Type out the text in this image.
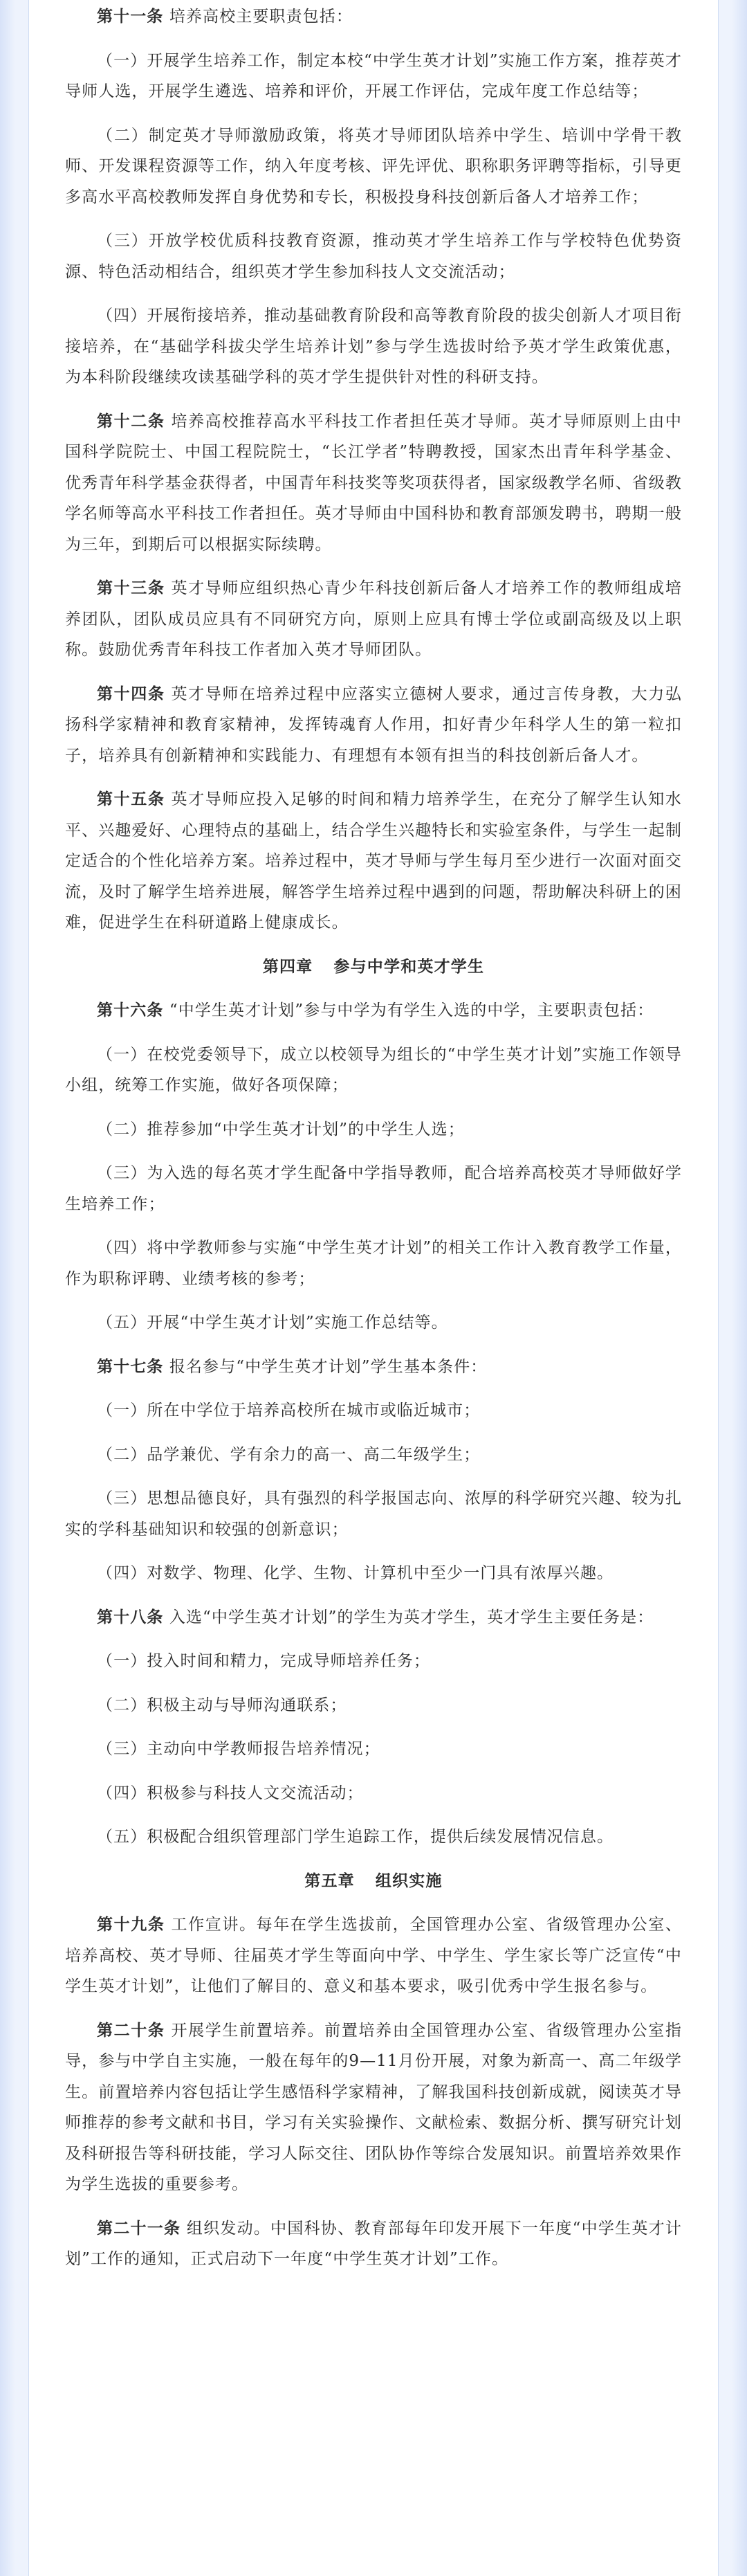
第十一条 培养高校主要职责包括：
（一）开展学生培养工作，制定本校“中学生英才计划”实施工作方案，推荐英才导师人选，开展学生遴选、培养和评价，开展工作评估，完成年度工作总结等；
（二）制定英才导师激励政策，将英才导师团队培养中学生、培训中学骨干教师、开发课程资源等工作，纳入年度考核、评先评优、职称职务评聘等指标，引导更多高水平高校教师发挥自身优势和专长，积极投身科技创新后备人才培养工作；
（三）开放学校优质科技教育资源，推动英才学生培养工作与学校特色优势资源、特色活动相结合，组织英才学生参加科技人文交流活动；
（四）开展衔接培养，推动基础教育阶段和高等教育阶段的拔尖创新人才项目衔接培养，在“基础学科拔尖学生培养计划”参与学生选拔时给予英才学生政策优惠，为本科阶段继续攻读基础学科的英才学生提供针对性的科研支持。
第十二条 培养高校推荐高水平科技工作者担任英才导师。英才导师原则上由中国科学院院士、中国工程院院士，“长江学者”特聘教授，国家杰出青年科学基金、优秀青年科学基金获得者，中国青年科技奖等奖项获得者，国家级教学名师、省级教学名师等高水平科技工作者担任。英才导师由中国科协和教育部颁发聘书，聘期一般为三年，到期后可以根据实际续聘。
第十三条 英才导师应组织热心青少年科技创新后备人才培养工作的教师组成培养团队，团队成员应具有不同研究方向，原则上应具有博士学位或副高级及以上职称。鼓励优秀青年科技工作者加入英才导师团队。
第十四条 英才导师在培养过程中应落实立德树人要求，通过言传身教，大力弘扬科学家精神和教育家精神，发挥铸魂育人作用，扣好青少年科学人生的第一粒扣子，培养具有创新精神和实践能力、有理想有本领有担当的科技创新后备人才。
第十五条 英才导师应投入足够的时间和精力培养学生，在充分了解学生认知水平、兴趣爱好、心理特点的基础上，结合学生兴趣特长和实验室条件，与学生一起制定适合的个性化培养方案。培养过程中，英才导师与学生每月至少进行一次面对面交流，及时了解学生培养进展，解答学生培养过程中遇到的问题，帮助解决科研上的困难，促进学生在科研道路上健康成长。
第四章 参与中学和英才学生
第十六条 “中学生英才计划”参与中学为有学生入选的中学，主要职责包括：
（一）在校党委领导下，成立以校领导为组长的“中学生英才计划”实施工作领导小组，统筹工作实施，做好各项保障；
（二）推荐参加“中学生英才计划”的中学生人选；
（三）为入选的每名英才学生配备中学指导教师，配合培养高校英才导师做好学生培养工作；
（四）将中学教师参与实施“中学生英才计划”的相关工作计入教育教学工作量，作为职称评聘、业绩考核的参考；
（五）开展“中学生英才计划”实施工作总结等。
第十七条 报名参与“中学生英才计划”学生基本条件：
（一）所在中学位于培养高校所在城市或临近城市；
（二）品学兼优、学有余力的高一、高二年级学生；
（三）思想品德良好，具有强烈的科学报国志向、浓厚的科学研究兴趣、较为扎实的学科基础知识和较强的创新意识；
（四）对数学、物理、化学、生物、计算机中至少一门具有浓厚兴趣。
第十八条 入选“中学生英才计划”的学生为英才学生，英才学生主要任务是：
（一）投入时间和精力，完成导师培养任务；
（二）积极主动与导师沟通联系；
（三）主动向中学教师报告培养情况；
（四）积极参与科技人文交流活动；
（五）积极配合组织管理部门学生追踪工作，提供后续发展情况信息。
第五章 组织实施
第十九条 工作宣讲。每年在学生选拔前，全国管理办公室、省级管理办公室、培养高校、英才导师、往届英才学生等面向中学、中学生、学生家长等广泛宣传“中学生英才计划”，让他们了解目的、意义和基本要求，吸引优秀中学生报名参与。
第二十条 开展学生前置培养。前置培养由全国管理办公室、省级管理办公室指导，参与中学自主实施，一般在每年的9—11月份开展，对象为新高一、高二年级学生。前置培养内容包括让学生感悟科学家精神，了解我国科技创新成就，阅读英才导师推荐的参考文献和书目，学习有关实验操作、文献检索、数据分析、撰写研究计划及科研报告等科研技能，学习人际交往、团队协作等综合发展知识。前置培养效果作为学生选拔的重要参考。
第二十一条 组织发动。中国科协、教育部每年印发开展下一年度“中学生英才计划”工作的通知，正式启动下一年度“中学生英才计划”工作。
